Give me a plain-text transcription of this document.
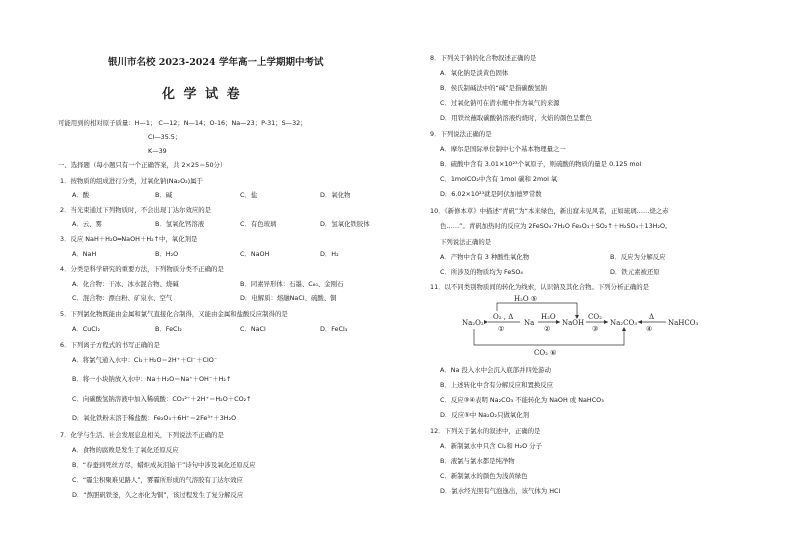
银川市名校 2023-2024 学年高一上学期期中考试
化 学 试 卷
可能用到的相对原子质量：H—1； C—12；N—14；O-16；Na—23；P-31；S—32；
Cl—35.5；
K—39
一、选择题（每小题只有一个正确答案，共 2×25＝50分）
1．按物质的组成进行分类，过氧化钠(Na₂O₂)属于
A．酸	B．碱	C．盐	D．氧化物
2．当光束通过下列物质时，不会出现丁达尔效应的是
A．云、雾	B．氢氧化钙溶液	C．有色玻璃	D．氢氧化铁胶体
3．反应 NaH＋H₂O═NaOH＋H₂↑中，氧化剂是
A．NaH	B．H₂O	C．NaOH	D．H₂
4．分类是科学研究的重要方法，下列物质分类不正确的是
A．化合物：干冰、冰水混合物、烧碱	B．同素异形体：石墨、C₆₀、金刚石
C．混合物：漂白粉、矿泉水、空气	D．电解质：熔融NaCl、硫酸、铜
5．下列氯化物既能由金属和氯气直接化合制得，又能由金属和盐酸反应制得的是
A．CuCl₂	B．FeCl₂	C．NaCl	D．FeCl₃
6．下列离子方程式的书写正确的是
A．将氯气通入水中：Cl₂＋H₂O＝2H⁺＋Cl⁻＋ClO⁻
B．将一小块钠放入水中：Na＋H₂O＝Na⁺＋OH⁻＋H₂↑
C．向碳酸氢钠溶液中加入稀硫酸：CO₃²⁻＋2H⁺＝H₂O＋CO₂↑
D．氧化铁粉末溶于稀盐酸：Fe₂O₃＋6H⁺＝2Fe³⁺＋3H₂O
7．化学与生活、社会发展息息相关，下列说法不正确的是
A．食物的腐败是发生了氧化还原反应
B．“春蚕到死丝方尽，蜡炬成灰泪始干”诗句中涉及氧化还原反应
C．“霾尘积聚难见路人”，雾霾所形成的气溶胶有丁达尔效应
D．“熬胆矾铁釜，久之亦化为铜”，该过程发生了复分解反应
8．下列关于钠的化合物叙述正确的是
A．氧化钠是淡黄色固体
B．侯氏制碱法中的“碱”是指碳酸氢钠
C．过氧化钠可在潜水艇中作为氧气的来源
D．用铁丝蘸取碳酸钠溶液灼烧时，火焰的颜色呈紫色
9．下列说法正确的是
A．摩尔是国际单位制中七个基本物理量之一
B．硫酸中含有 3.01×10²³个氧原子，则硫酸的物质的量是 0.125 mol
C．1molCO₂中含有 1mol 碳和 2mol 氧
D．6.02×10²³就是阿伏加德罗常数
10．《新修本草》中描述“青矾”为“本来绿色，新出窟未见风者，正如琉璃……烧之赤
色……”。青矾加热时的反应为 2FeSO₄·7H₂O Fe₂O₃＋SO₂↑＋H₂SO₄＋13H₂O。
下列说法正确的是
A．产物中含有 3 种酸性氧化物	B．反应为分解反应
C．所涉及的物质均为 FeSO₄	D．铁元素被还原
11．以不同类别物质间的转化为线索，认识钠及其化合物。下列分析正确的是
H₂O ⑤
Na₂O₂
O₂ , Δ
①
Na
H₂O
②
NaOH
CO₂
③
Na₂CO₃
Δ
④
NaHCO₃
CO₂ ⑥
A．Na 投入水中会沉入底部并四处游动
B．上述转化中含有分解反应和置换反应
C．反应③④表明 Na₂CO₃ 不能转化为 NaOH 或 NaHCO₃
D．反应⑤中 Na₂O₂只做氧化剂
12．下列关于氯水的叙述中，正确的是
A．新制氯水中只含 Cl₂和 H₂O 分子
B．液氯与氯水都是纯净物
C．新制氯水的颜色为浅黄绿色
D．氯水经光照有气泡逸出，该气体为 HCl
